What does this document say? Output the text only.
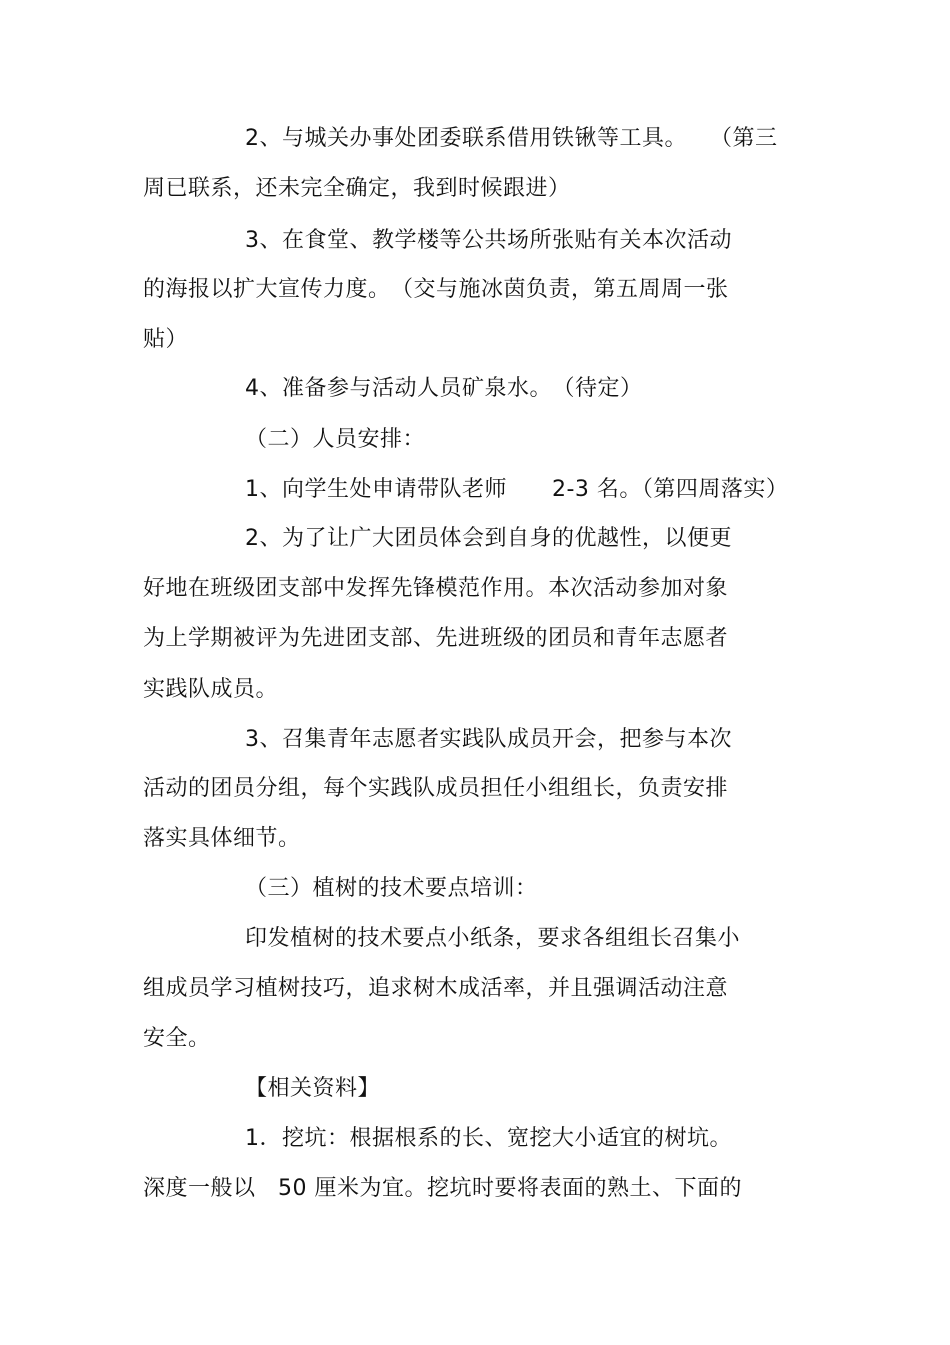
2、与城关办事处团委联系借用铁锹等工具。　　（第三
周已联系，还未完全确定，我到时候跟进）
3、在食堂、教学楼等公共场所张贴有关本次活动
的海报以扩大宣传力度。　（交与施冰茵负责，第五周周一张
贴）
4、准备参与活动人员矿泉水。　（待定）
（二）人员安排：
1、向学生处申请带队老师　　2-3 名。（第四周落实）
2、为了让广大团员体会到自身的优越性，以便更
好地在班级团支部中发挥先锋模范作用。本次活动参加对象
为上学期被评为先进团支部、先进班级的团员和青年志愿者
实践队成员。
3、召集青年志愿者实践队成员开会，把参与本次
活动的团员分组，每个实践队成员担任小组组长，负责安排
落实具体细节。
（三）植树的技术要点培训：
印发植树的技术要点小纸条，要求各组组长召集小
组成员学习植树技巧，追求树木成活率，并且强调活动注意
安全。
【相关资料】
1．挖坑：根据根系的长、宽挖大小适宜的树坑。
深度一般以　50 厘米为宜。挖坑时要将表面的熟土、下面的
